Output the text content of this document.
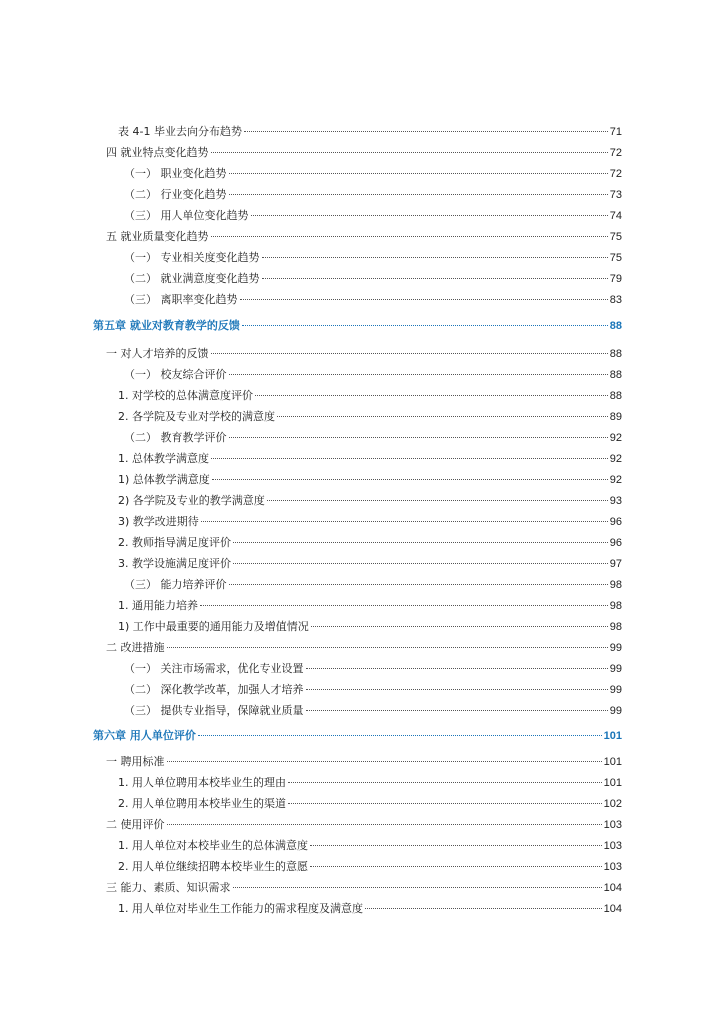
表 4-1 毕业去向分布趋势	71
四 就业特点变化趋势	72
（一） 职业变化趋势	72
（二） 行业变化趋势	73
（三） 用人单位变化趋势	74
五 就业质量变化趋势	75
（一） 专业相关度变化趋势	75
（二） 就业满意度变化趋势	79
（三） 离职率变化趋势	83
第五章 就业对教育教学的反馈	88
一 对人才培养的反馈	88
（一） 校友综合评价	88
1. 对学校的总体满意度评价	88
2. 各学院及专业对学校的满意度	89
（二） 教育教学评价	92
1. 总体教学满意度	92
1) 总体教学满意度	92
2) 各学院及专业的教学满意度	93
3) 教学改进期待	96
2. 教师指导满足度评价	96
3. 教学设施满足度评价	97
（三） 能力培养评价	98
1. 通用能力培养	98
1) 工作中最重要的通用能力及增值情况	98
二 改进措施	99
（一） 关注市场需求，优化专业设置	99
（二） 深化教学改革，加强人才培养	99
（三） 提供专业指导，保障就业质量	99
第六章 用人单位评价	101
一 聘用标准	101
1. 用人单位聘用本校毕业生的理由	101
2. 用人单位聘用本校毕业生的渠道	102
二 使用评价	103
1. 用人单位对本校毕业生的总体满意度	103
2. 用人单位继续招聘本校毕业生的意愿	103
三 能力、素质、知识需求	104
1. 用人单位对毕业生工作能力的需求程度及满意度	104
